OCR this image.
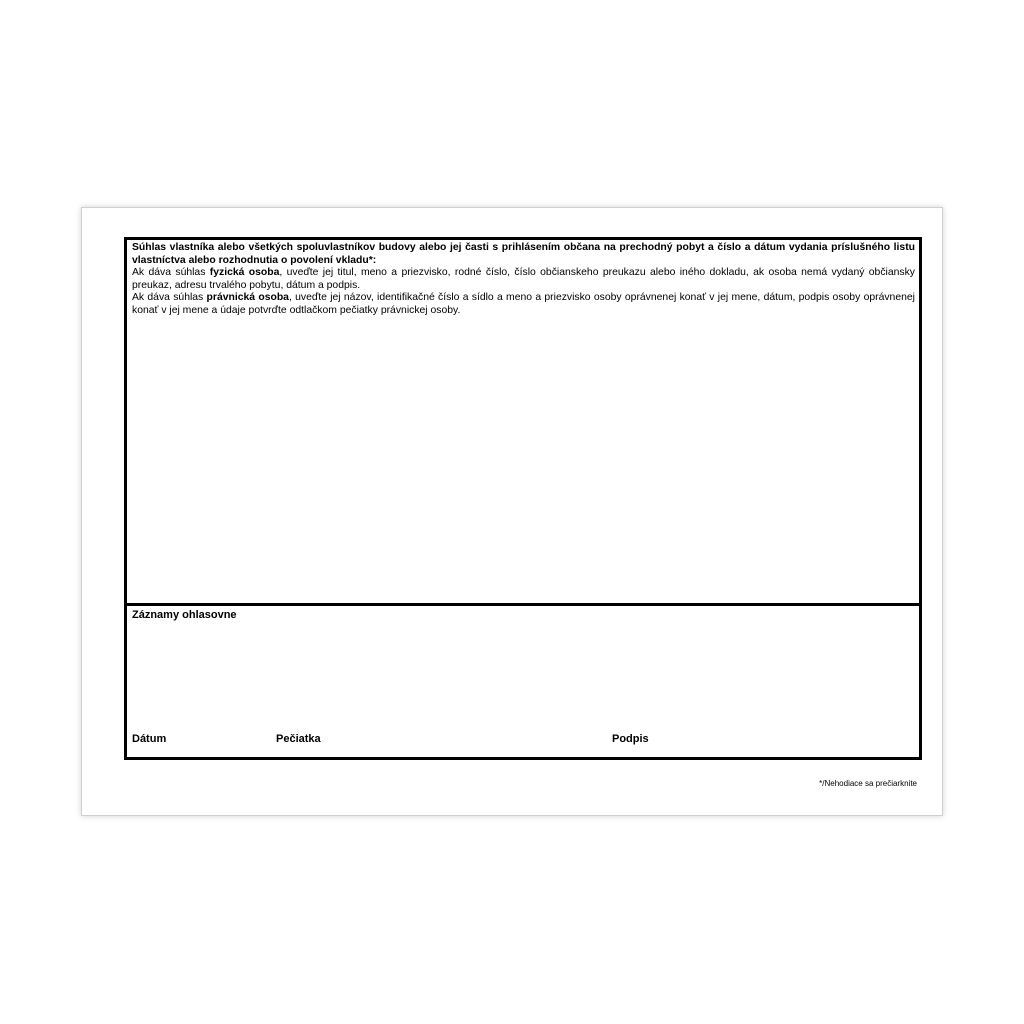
Súhlas vlastníka alebo všetkých spoluvlastníkov budovy alebo jej časti s prihlásením občana na prechodný pobyt a číslo a dátum vydania príslušného listu vlastníctva alebo rozhodnutia o povolení vkladu*:

Ak dáva súhlas fyzická osoba, uveďte jej titul, meno a priezvisko, rodné číslo, číslo občianskeho preukazu alebo iného dokladu, ak osoba nemá vydaný občiansky preukaz, adresu trvalého pobytu, dátum a podpis.

Ak dáva súhlas právnická osoba, uveďte jej názov, identifikačné číslo a sídlo a meno a priezvisko osoby oprávnenej konať v jej mene, dátum, podpis osoby oprávnenej konať v jej mene a údaje potvrďte odtlačkom pečiatky právnickej osoby.

Záznamy ohlasovne

Dátum	Pečiatka	Podpis
*/Nehodiace sa prečiarknite
